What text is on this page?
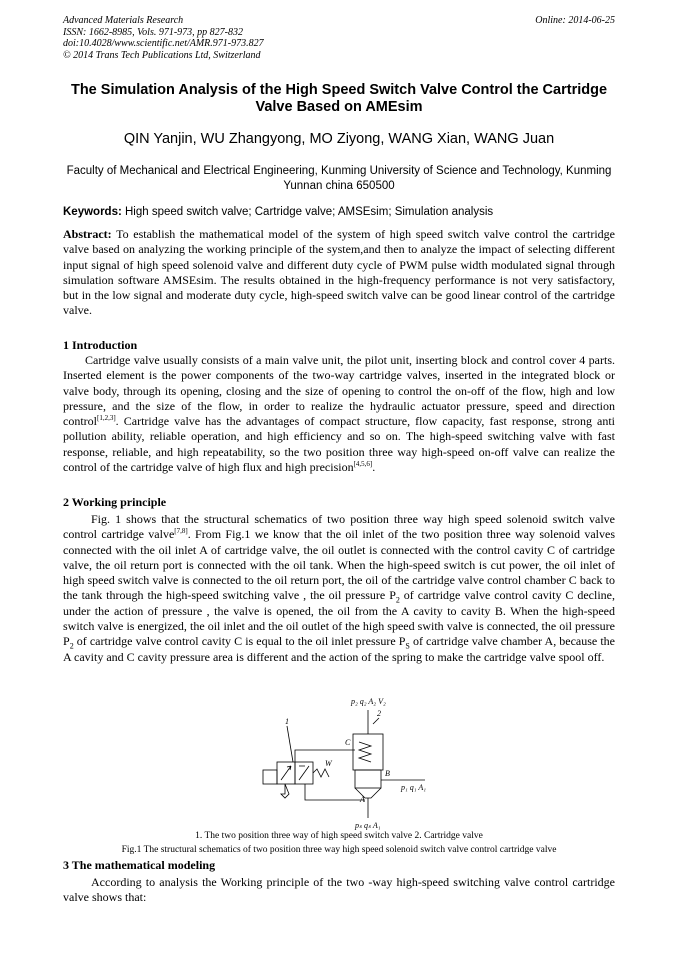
Advanced Materials Research
ISSN: 1662-8985, Vols. 971-973, pp 827-832
doi:10.4028/www.scientific.net/AMR.971-973.827
© 2014 Trans Tech Publications Ltd, Switzerland
Online: 2014-06-25
The Simulation Analysis of the High Speed Switch Valve Control the Cartridge Valve Based on AMEsim
QIN Yanjin, WU Zhangyong, MO Ziyong, WANG Xian, WANG Juan
Faculty of Mechanical and Electrical Engineering, Kunming University of Science and Technology, Kunming Yunnan china 650500
Keywords: High speed switch valve; Cartridge valve; AMSEsim; Simulation analysis
Abstract: To establish the mathematical model of the system of high speed switch valve control the cartridge valve based on analyzing the working principle of the system,and then to analyze the impact of selecting different input signal of high speed solenoid valve and different duty cycle of PWM pulse width modulated signal through simulation software AMSEsim. The results obtained in the high-frequency performance is not very satisfactory, but in the low signal and moderate duty cycle, high-speed switch valve can be good linear control of the cartridge valve.
1 Introduction
Cartridge valve usually consists of a main valve unit, the pilot unit, inserting block and control cover 4 parts. Inserted element is the power components of the two-way cartridge valves, inserted in the integrated block or valve body, through its opening, closing and the size of opening to control the on-off of the flow, high and low pressure, and the size of the flow, in order to realize the hydraulic actuator pressure, speed and direction control[1,2,3]. Cartridge valve has the advantages of compact structure, flow capacity, fast response, strong anti pollution ability, reliable operation, and high efficiency and so on. The high-speed switching valve with fast response, reliable, and high repeatability, so the two position three way high-speed on-off valve can realize the control of the cartridge valve of high flux and high precision[4,5,6].
2 Working principle
Fig. 1 shows that the structural schematics of two position three way high speed solenoid switch valve control cartridge valve[7,8]. From Fig.1 we know that the oil inlet of the two position three way solenoid valves connected with the oil inlet A of cartridge valve, the oil outlet is connected with the control cavity C of cartridge valve, the oil return port is connected with the oil tank. When the high-speed switch is cut power, the oil inlet of high speed switch valve is connected to the oil return port, the oil of the cartridge valve control chamber C back to the tank through the high-speed switching valve , the oil pressure $P_2$ of cartridge valve control cavity C decline, under the action of pressure , the valve is opened, the oil from the A cavity to cavity B. When the high-speed switch valve is energized, the oil inlet and the oil outlet of the high speed swith valve is connected, the oil pressure $P_2$ of cartridge valve control cavity C is equal to the oil inlet pressure $P_S$ of cartridge valve chamber A, because the A cavity and C cavity pressure area is different and the action of the spring to make the cartridge valve spool off.
p₂ q₂ A₂ V₂
1
2
C
B
A
W
p₁ q₁ A₁
pₛ qₛ A₁
1. The two position three way of high speed switch valve 2. Cartridge valve
Fig.1 The structural schematics of two position three way high speed solenoid switch valve control cartridge valve
3 The mathematical modeling
According to analysis the Working principle of the two -way high-speed switching valve control cartridge valve shows that:
